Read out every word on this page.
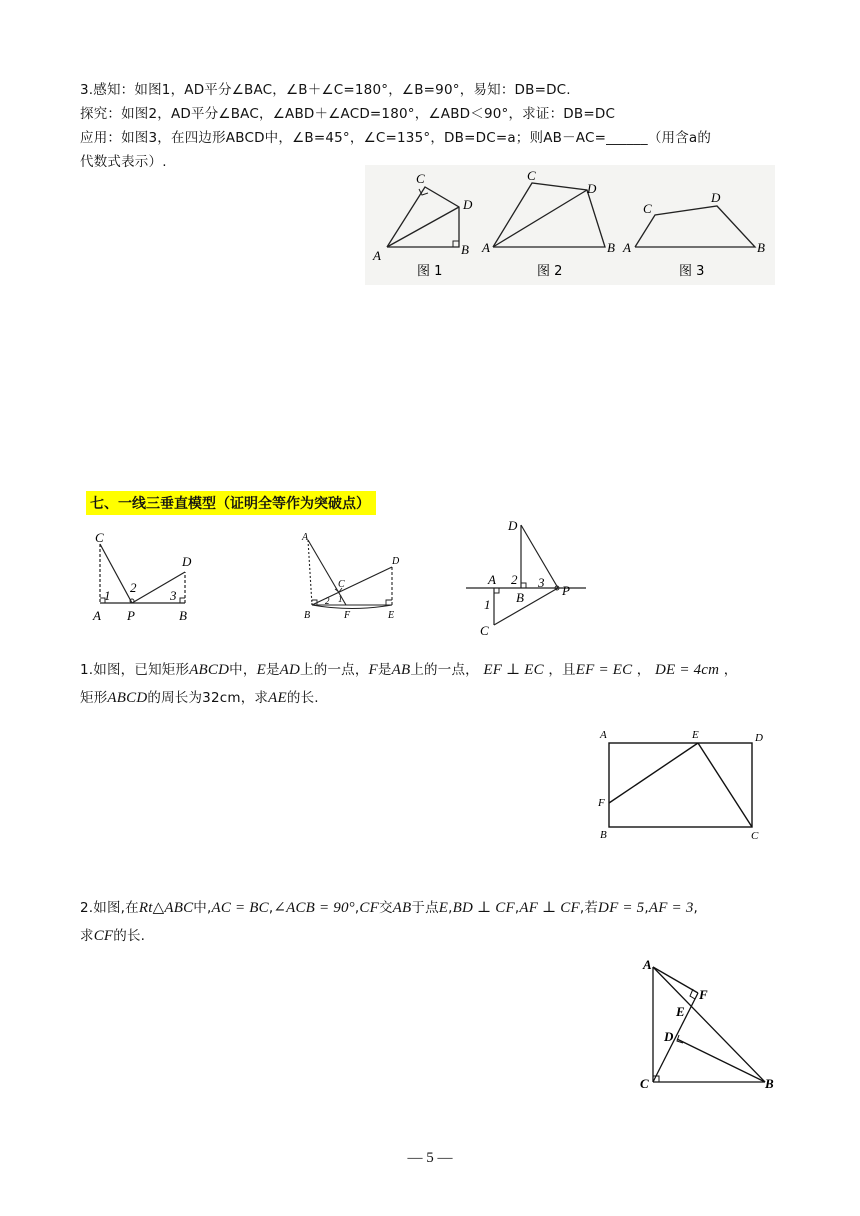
3.感知：如图1，AD平分∠BAC，∠B＋∠C=180°，∠B=90°，易知：DB=DC.
探究：如图2，AD平分∠BAC，∠ABD＋∠ACD=180°，∠ABD＜90°，求证：DB=DC
应用：如图3，在四边形ABCD中，∠B=45°，∠C=135°，DB=DC=a；则AB－AC=______（用含a的
代数式表示）.
A	B
C
D
图 1
A	B
C
D
图 2
A	B
C
D
图 3
七、一线三垂直模型（证明全等作为突破点）
C
D
A P	B
1
2
3
A
D
C
B	F	E
2 1
D
A
B	P
C
1
2 3
1.如图，已知矩形ABCD中，E是AD上的一点，F是AB上的一点， EF ⊥ EC ，且EF = EC ， DE = 4cm ，
矩形ABCD的周长为32cm，求AE的长.
A	E	D
F
B	C
2.如图,在Rt△ABC中,AC = BC,∠ACB = 90°,CF交AB于点E,BD ⊥ CF,AF ⊥ CF,若DF = 5,AF = 3,
求CF的长.
A
F
E
D
C	B
— 5 —
